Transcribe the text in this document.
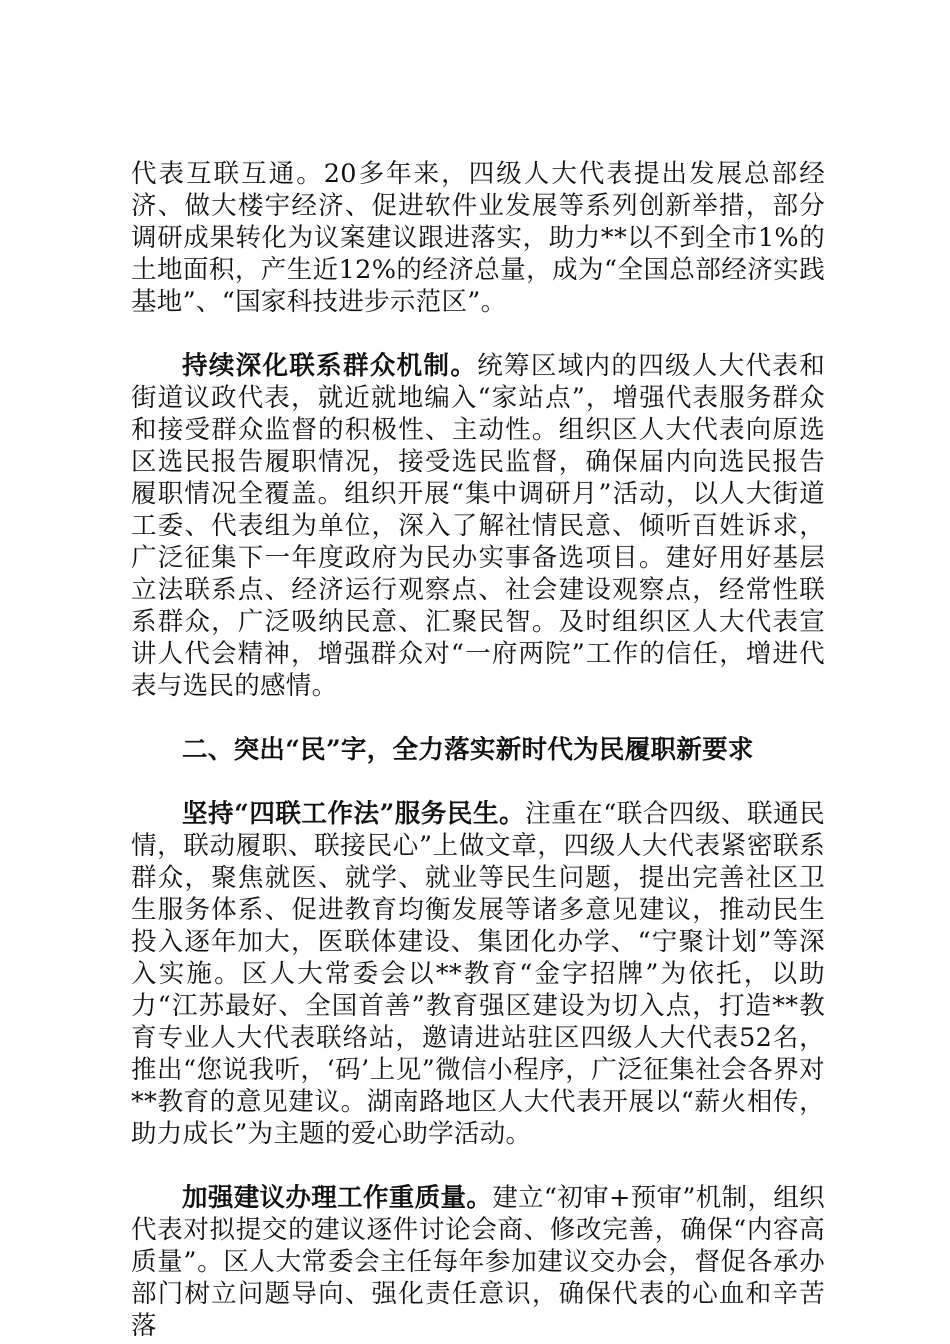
代表互联互通。20多年来，四级人大代表提出发展总部经济、做大楼宇经济、促进软件业发展等系列创新举措，部分调研成果转化为议案建议跟进落实，助力**以不到全市1%的土地面积，产生近12%的经济总量，成为“全国总部经济实践基地”、“国家科技进步示范区”。

持续深化联系群众机制。统筹区域内的四级人大代表和街道议政代表，就近就地编入“家站点”，增强代表服务群众和接受群众监督的积极性、主动性。组织区人大代表向原选区选民报告履职情况，接受选民监督，确保届内向选民报告履职情况全覆盖。组织开展“集中调研月”活动，以人大街道工委、代表组为单位，深入了解社情民意、倾听百姓诉求，广泛征集下一年度政府为民办实事备选项目。建好用好基层立法联系点、经济运行观察点、社会建设观察点，经常性联系群众，广泛吸纳民意、汇聚民智。及时组织区人大代表宣讲人代会精神，增强群众对“一府两院”工作的信任，增进代表与选民的感情。

二、突出“民”字，全力落实新时代为民履职新要求

坚持“四联工作法”服务民生。注重在“联合四级、联通民情，联动履职、联接民心”上做文章，四级人大代表紧密联系群众，聚焦就医、就学、就业等民生问题，提出完善社区卫生服务体系、促进教育均衡发展等诸多意见建议，推动民生投入逐年加大，医联体建设、集团化办学、“宁聚计划”等深入实施。区人大常委会以**教育“金字招牌”为依托，以助力“江苏最好、全国首善”教育强区建设为切入点，打造**教育专业人大代表联络站，邀请进站驻区四级人大代表52名，推出“您说我听，‘码’上见”微信小程序，广泛征集社会各界对**教育的意见建议。湖南路地区人大代表开展以“薪火相传，助力成长”为主题的爱心助学活动。

加强建议办理工作重质量。建立“初审+预审”机制，组织代表对拟提交的建议逐件讨论会商、修改完善，确保“内容高质量”。区人大常委会主任每年参加建议交办会，督促各承办部门树立问题导向、强化责任意识，确保代表的心血和辛苦落
